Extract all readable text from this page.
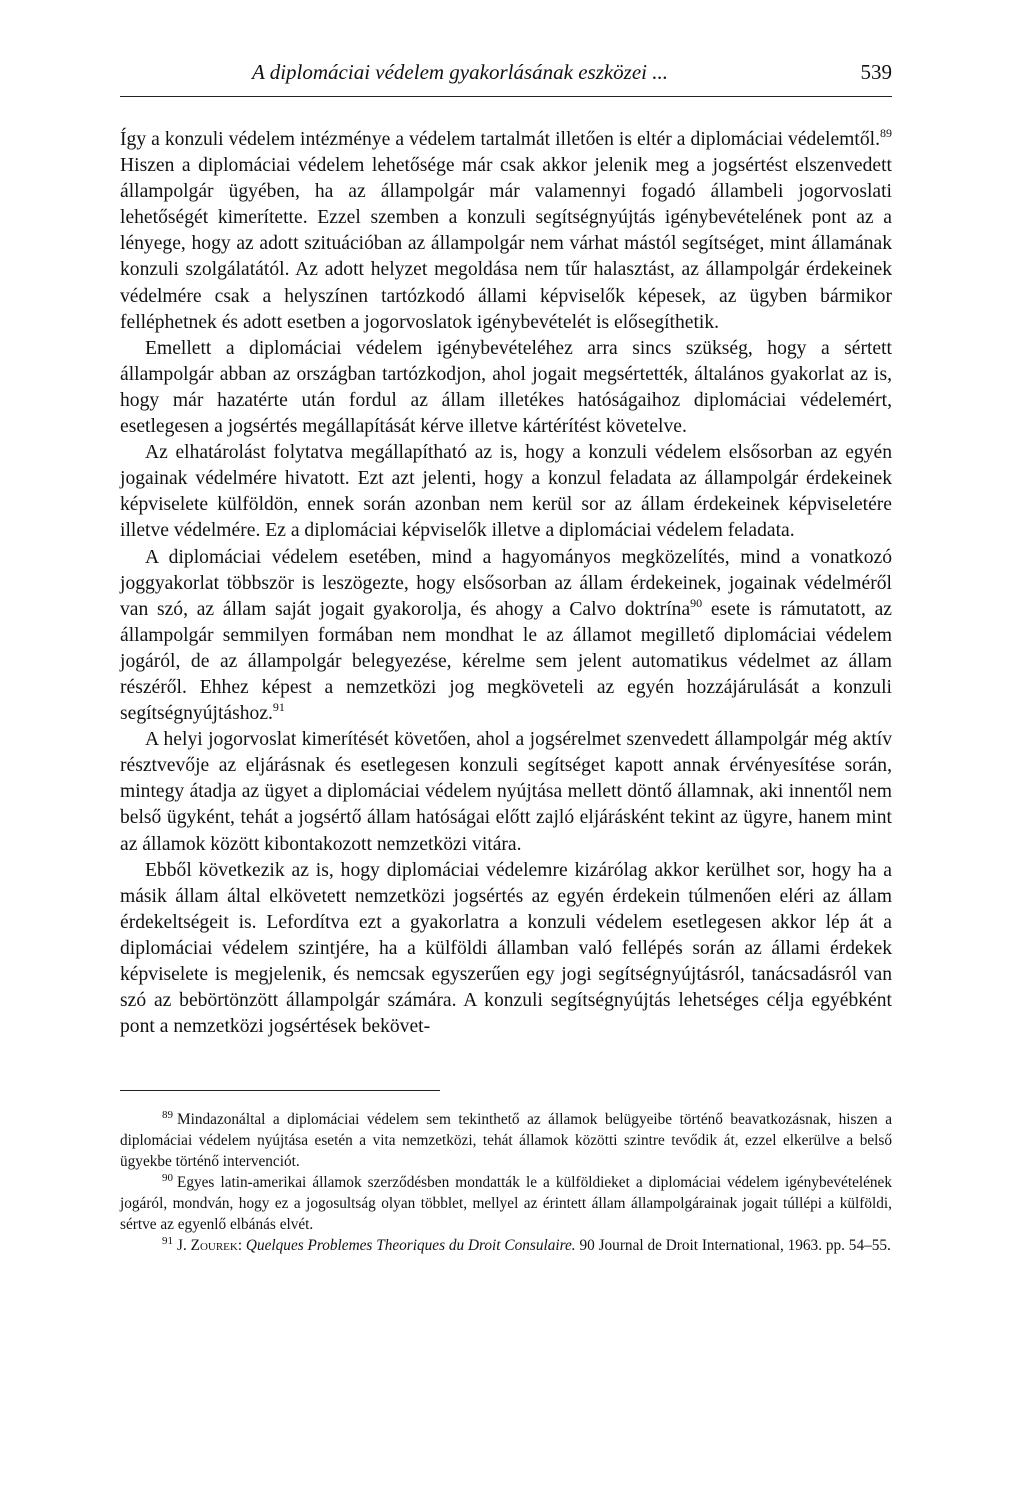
A diplomáciai védelem gyakorlásának eszközei ...	539

Így a konzuli védelem intézménye a védelem tartalmát illetően is eltér a diplomáciai védelemtől.$^{89}$ Hiszen a diplomáciai védelem lehetősége már csak akkor jelenik meg a jogsértést elszenvedett állampolgár ügyében, ha az állampolgár már valamennyi fogadó állambeli jogorvoslati lehetőségét kimerítette. Ezzel szemben a konzuli segítségnyújtás igénybevételének pont az a lényege, hogy az adott szituációban az állampolgár nem várhat mástól segítséget, mint államának konzuli szolgálatától. Az adott helyzet megoldása nem tűr halasztást, az állampolgár érdekeinek védelmére csak a helyszínen tartózkodó állami képviselők képesek, az ügyben bármikor felléphetnek és adott esetben a jogorvoslatok igénybevételét is elősegíthetik.

Emellett a diplomáciai védelem igénybevételéhez arra sincs szükség, hogy a sértett állampolgár abban az országban tartózkodjon, ahol jogait megsértették, általános gyakorlat az is, hogy már hazatérte után fordul az állam illetékes hatóságaihoz diplomáciai védelemért, esetlegesen a jogsértés megállapítását kérve illetve kártérítést követelve.

Az elhatárolást folytatva megállapítható az is, hogy a konzuli védelem elsősorban az egyén jogainak védelmére hivatott. Ezt azt jelenti, hogy a konzul feladata az állampolgár érdekeinek képviselete külföldön, ennek során azonban nem kerül sor az állam érdekeinek képviseletére illetve védelmére. Ez a diplomáciai képviselők illetve a diplomáciai védelem feladata.

A diplomáciai védelem esetében, mind a hagyományos megközelítés, mind a vonatkozó joggyakorlat többször is leszögezte, hogy elsősorban az állam érdekeinek, jogainak védelméről van szó, az állam saját jogait gyakorolja, és ahogy a Calvo doktrína$^{90}$ esete is rámutatott, az állampolgár semmilyen formában nem mondhat le az államot megillető diplomáciai védelem jogáról, de az állampolgár belegyezése, kérelme sem jelent automatikus védelmet az állam részéről. Ehhez képest a nemzetközi jog megköveteli az egyén hozzájárulását a konzuli segítségnyújtáshoz.$^{91}$

A helyi jogorvoslat kimerítését követően, ahol a jogsérelmet szenvedett állampolgár még aktív résztvevője az eljárásnak és esetlegesen konzuli segítséget kapott annak érvényesítése során, mintegy átadja az ügyet a diplomáciai védelem nyújtása mellett döntő államnak, aki innentől nem belső ügyként, tehát a jogsértő állam hatóságai előtt zajló eljárásként tekint az ügyre, hanem mint az államok között kibontakozott nemzetközi vitára.

Ebből következik az is, hogy diplomáciai védelemre kizárólag akkor kerülhet sor, hogy ha a másik állam által elkövetett nemzetközi jogsértés az egyén érdekein túlmenően eléri az állam érdekeltségeit is. Lefordítva ezt a gyakorlatra a konzuli védelem esetlegesen akkor lép át a diplomáciai védelem szintjére, ha a külföldi államban való fellépés során az állami érdekek képviselete is megjelenik, és nemcsak egyszerűen egy jogi segítségnyújtásról, tanácsadásról van szó az bebörtönzött állampolgár számára. A konzuli segítségnyújtás lehetséges célja egyébként pont a nemzetközi jogsértések bekövet-

$^{89}$ Mindazonáltal a diplomáciai védelem sem tekinthető az államok belügyeibe történő beavatkozásnak, hiszen a diplomáciai védelem nyújtása esetén a vita nemzetközi, tehát államok közötti szintre tevődik át, ezzel elkerülve a belső ügyekbe történő intervenciót.

$^{90}$ Egyes latin-amerikai államok szerződésben mondatták le a külföldieket a diplomáciai védelem igénybevételének jogáról, mondván, hogy ez a jogosultság olyan többlet, mellyel az érintett állam állampolgárainak jogait túllépi a külföldi, sértve az egyenlő elbánás elvét.

$^{91}$ J. Zourek: Quelques Problemes Theoriques du Droit Consulaire. 90 Journal de Droit International, 1963. pp. 54–55.
